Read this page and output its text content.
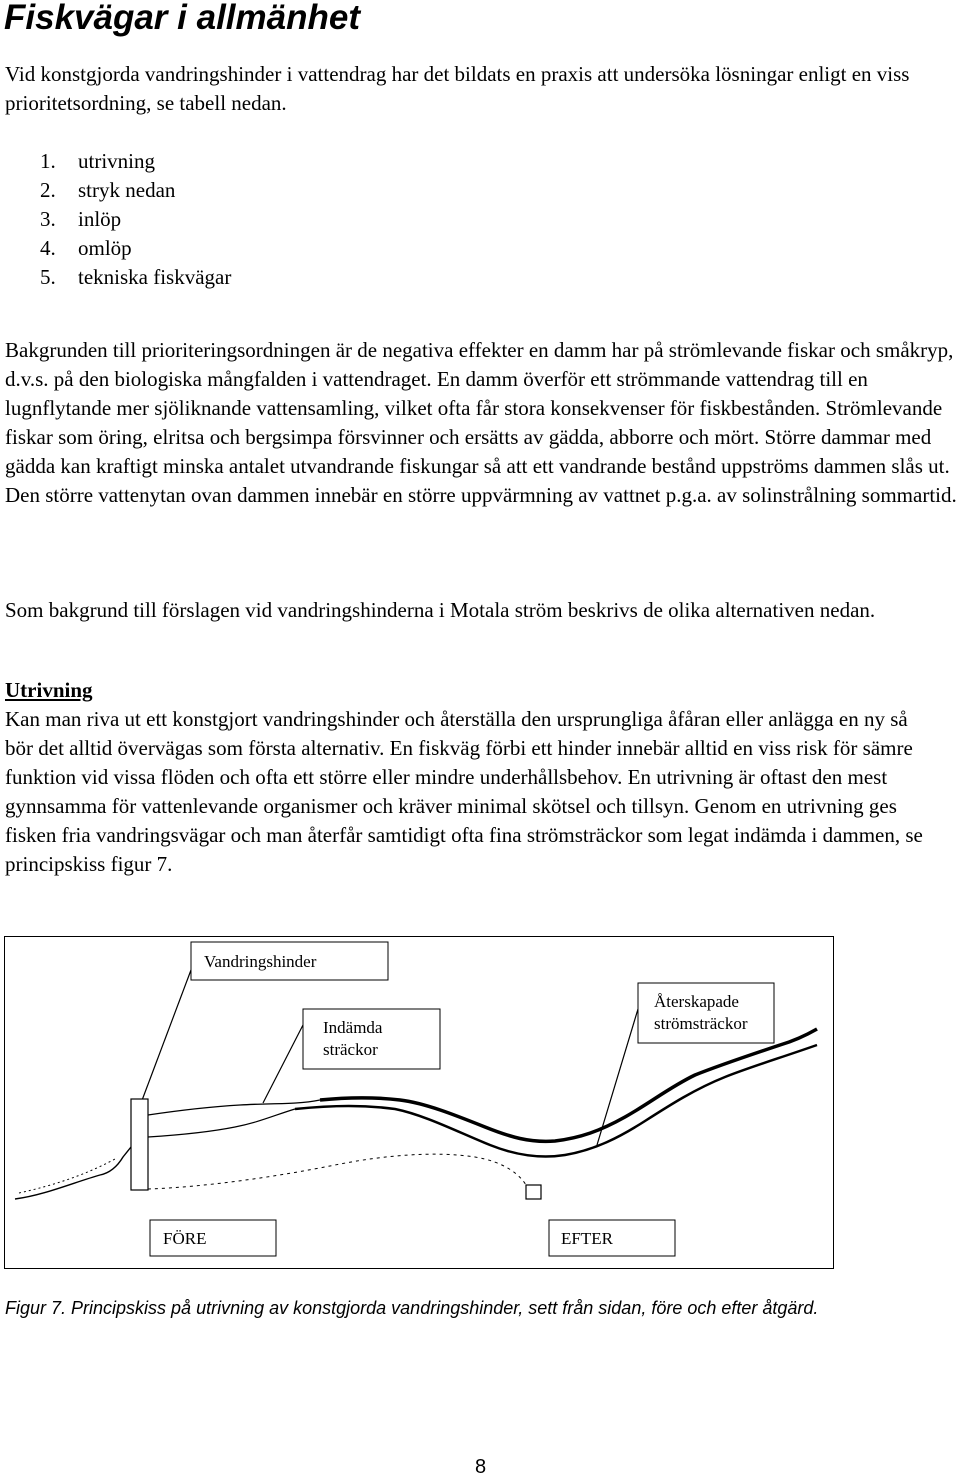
Fiskvägar i allmänhet

Vid konstgjorda vandringshinder i vattendrag har det bildats en praxis att undersöka lösningar enligt en viss prioritetsordning, se tabell nedan.

1. utrivning
2. stryk nedan
3. inlöp
4. omlöp
5. tekniska fiskvägar

Bakgrunden till prioriteringsordningen är de negativa effekter en damm har på strömlevande fiskar och småkryp, d.v.s. på den biologiska mångfalden i vattendraget. En damm överför ett strömmande vattendrag till en lugnflytande mer sjöliknande vattensamling, vilket ofta får stora konsekvenser för fiskbestånden. Strömlevande fiskar som öring, elritsa och bergsimpa försvinner och ersätts av gädda, abborre och mört. Större dammar med gädda kan kraftigt minska antalet utvandrande fiskungar så att ett vandrande bestånd uppströms dammen slås ut. Den större vattenytan ovan dammen innebär en större uppvärmning av vattnet p.g.a. av solinstrålning sommartid.

Som bakgrund till förslagen vid vandringshinderna i Motala ström beskrivs de olika alternativen nedan.

Utrivning
Kan man riva ut ett konstgjort vandringshinder och återställa den ursprungliga åfåran eller anlägga en ny så bör det alltid övervägas som första alternativ. En fiskväg förbi ett hinder innebär alltid en viss risk för sämre funktion vid vissa flöden och ofta ett större eller mindre underhållsbehov. En utrivning är oftast den mest gynnsamma för vattenlevande organismer och kräver minimal skötsel och tillsyn. Genom en utrivning ges fisken fria vandringsvägar och man återfår samtidigt ofta fina strömsträckor som legat indämda i dammen, se principskiss figur 7.
Vandringshinder
Indämda
sträckor
Återskapade
strömsträckor
FÖRE	EFTER

Figur 7. Principskiss på utrivning av konstgjorda vandringshinder, sett från sidan, före och efter åtgärd.

8
